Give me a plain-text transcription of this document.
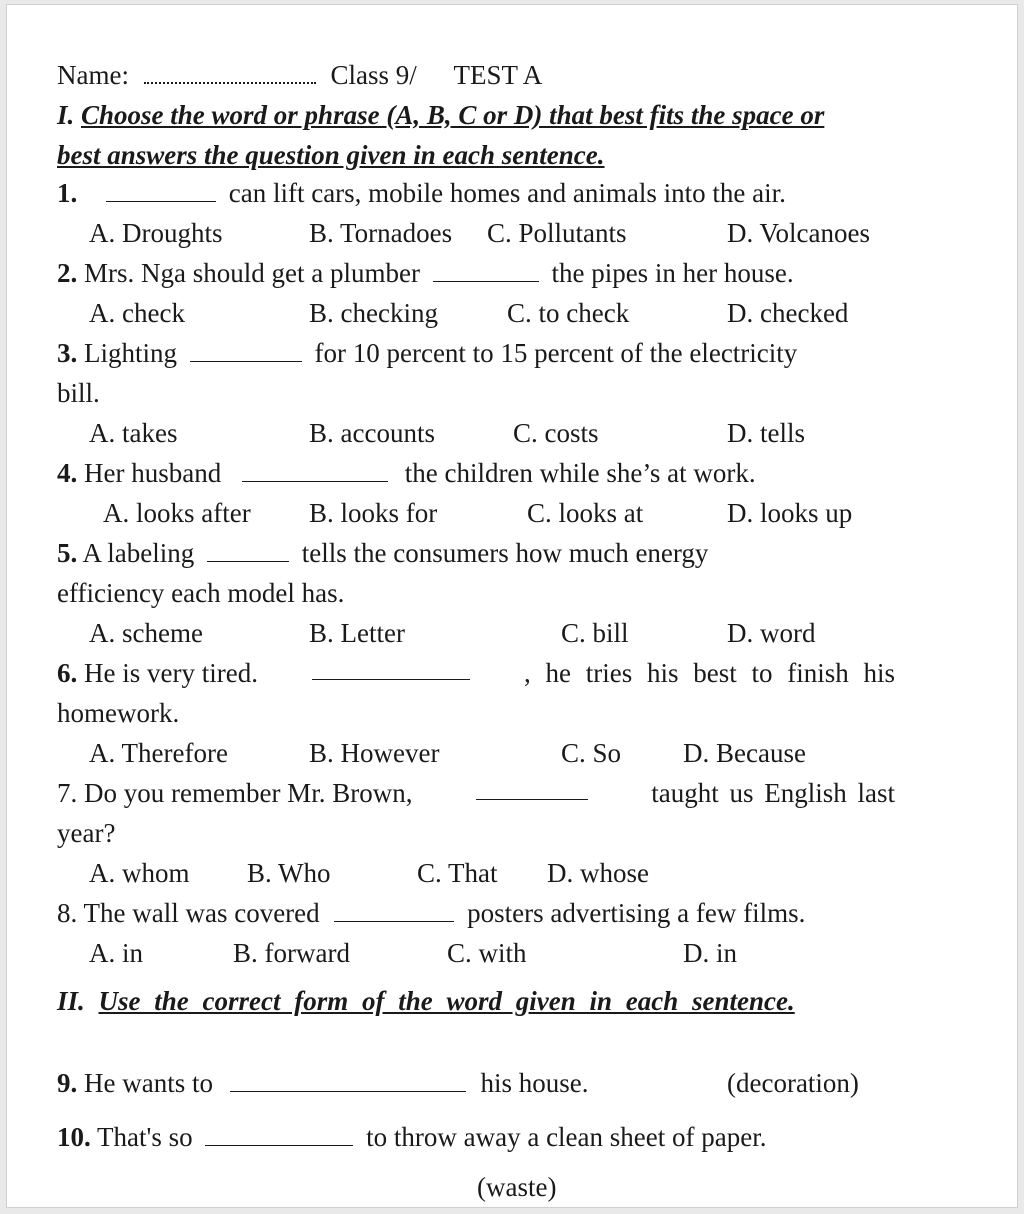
Name:	Class 9/ TEST A
I. Choose the word or phrase (A, B, C or D) that best fits the space or
best answers the question given in each sentence.
1.	can lift cars, mobile homes and animals into the air.
A. Droughts	B. Tornadoes C. Pollutants	D. Volcanoes
2. Mrs. Nga should get a plumber	the pipes in her house.
A. check	B. checking	C. to check	D. checked
3. Lighting	for 10 percent to 15 percent of the electricity
bill.
A. takes	B. accounts	C. costs	D. tells
4. Her husband	the children while she’s at work.
A. looks after B. looks for	C. looks at	D. looks up
5. A labeling	tells the consumers how much energy
efficiency each model has.
A. scheme	B. Letter	C. bill	D. word
6. He is very tired.	, he tries his best to finish his
homework.
A. Therefore	B. However	C. So D. Because
7. Do you remember Mr. Brown,	taught us English last
year?
A. whom B. Who	C. That D. whose
8. The wall was covered	posters advertising a few films.
A. in	B. forward	C. with	D. in
II. Use the correct form of the word given in each sentence.
9. He wants to	his house.	(decoration)
10. That's so	to throw away a clean sheet of paper.
(waste)
